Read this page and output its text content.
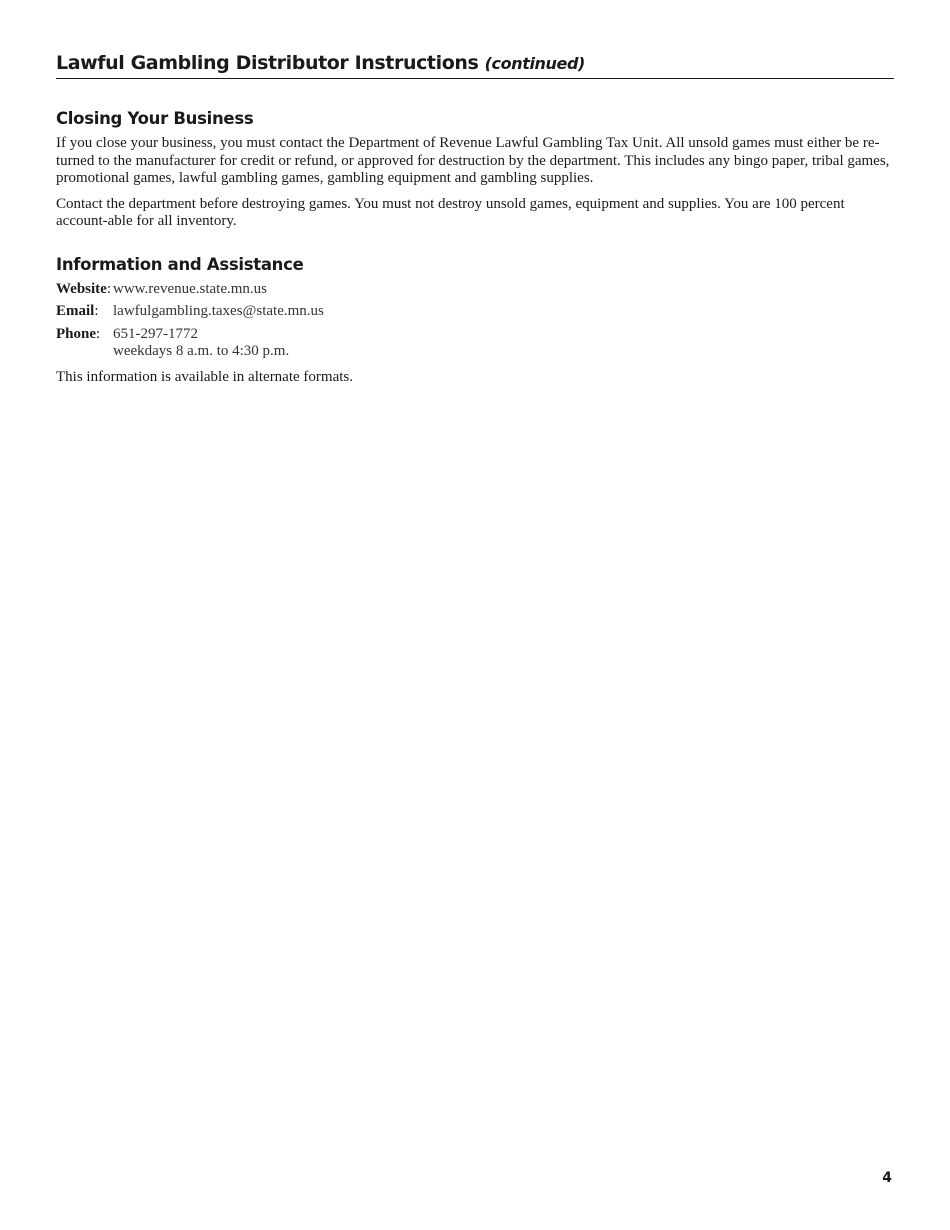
Lawful Gambling Distributor Instructions (continued)
Closing Your Business

If you close your business, you must contact the Department of Revenue Lawful Gambling Tax Unit. All unsold games must either be re-turned to the manufacturer for credit or refund, or approved for destruction by the department. This includes any bingo paper, tribal games, promotional games, lawful gambling games, gambling equipment and gambling supplies.

Contact the department before destroying games. You must not destroy unsold games, equipment and supplies. You are 100 percent account-able for all inventory.

Information and Assistance
Website: www.revenue.state.mn.us
Email: lawfulgambling.taxes@state.mn.us
Phone: 651-297-1772
weekdays 8 a.m. to 4:30 p.m.

This information is available in alternate formats.

4
